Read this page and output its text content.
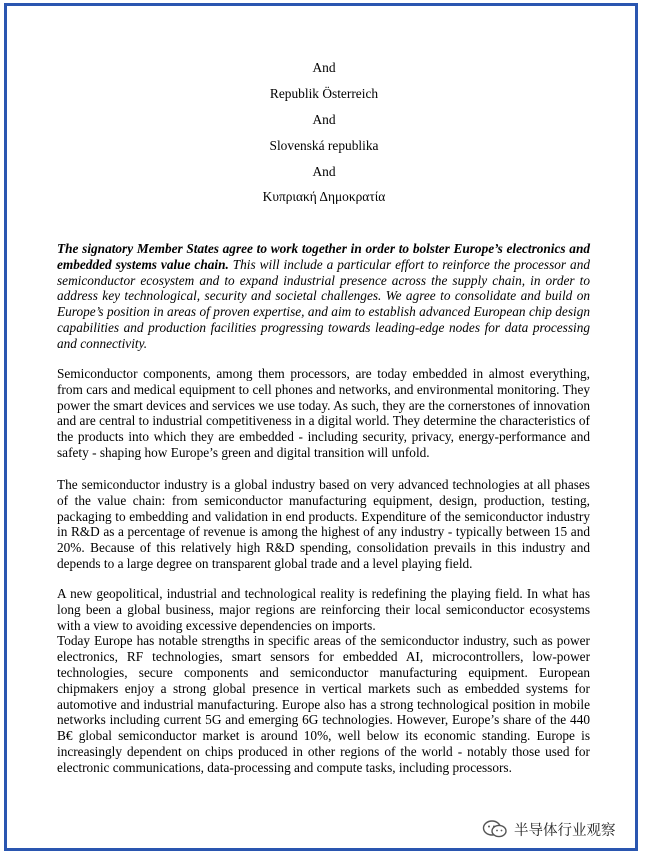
And
Republik Österreich
And
Slovenská republika
And
Κυπριακή Δημοκρατία
The signatory Member States agree to work together in order to bolster Europe’s electronics and embedded systems value chain. This will include a particular effort to reinforce the processor and semiconductor ecosystem and to expand industrial presence across the supply chain, in order to address key technological, security and societal challenges. We agree to consolidate and build on Europe’s position in areas of proven expertise, and aim to establish advanced European chip design capabilities and production facilities progressing towards leading-edge nodes for data processing and connectivity.

Semiconductor components, among them processors, are today embedded in almost everything, from cars and medical equipment to cell phones and networks, and environmental monitoring. They power the smart devices and services we use today. As such, they are the cornerstones of innovation and are central to industrial competitiveness in a digital world. They determine the characteristics of the products into which they are embedded - including security, privacy, energy-performance and safety - shaping how Europe’s green and digital transition will unfold.

The semiconductor industry is a global industry based on very advanced technologies at all phases of the value chain: from semiconductor manufacturing equipment, design, production, testing, packaging to embedding and validation in end products. Expenditure of the semiconductor industry in R&D as a percentage of revenue is among the highest of any industry - typically between 15 and 20%. Because of this relatively high R&D spending, consolidation prevails in this industry and depends to a large degree on transparent global trade and a level playing field.

A new geopolitical, industrial and technological reality is redefining the playing field. In what has long been a global business, major regions are reinforcing their local semiconductor ecosystems with a view to avoiding excessive dependencies on imports.

Today Europe has notable strengths in specific areas of the semiconductor industry, such as power electronics, RF technologies, smart sensors for embedded AI, microcontrollers, low-power technologies, secure components and semiconductor manufacturing equipment. European chipmakers enjoy a strong global presence in vertical markets such as embedded systems for automotive and industrial manufacturing. Europe also has a strong technological position in mobile networks including current 5G and emerging 6G technologies. However, Europe’s share of the 440 B€ global semiconductor market is around 10%, well below its economic standing. Europe is increasingly dependent on chips produced in other regions of the world - notably those used for electronic communications, data-processing and compute tasks, including processors.

半导体行业观察
